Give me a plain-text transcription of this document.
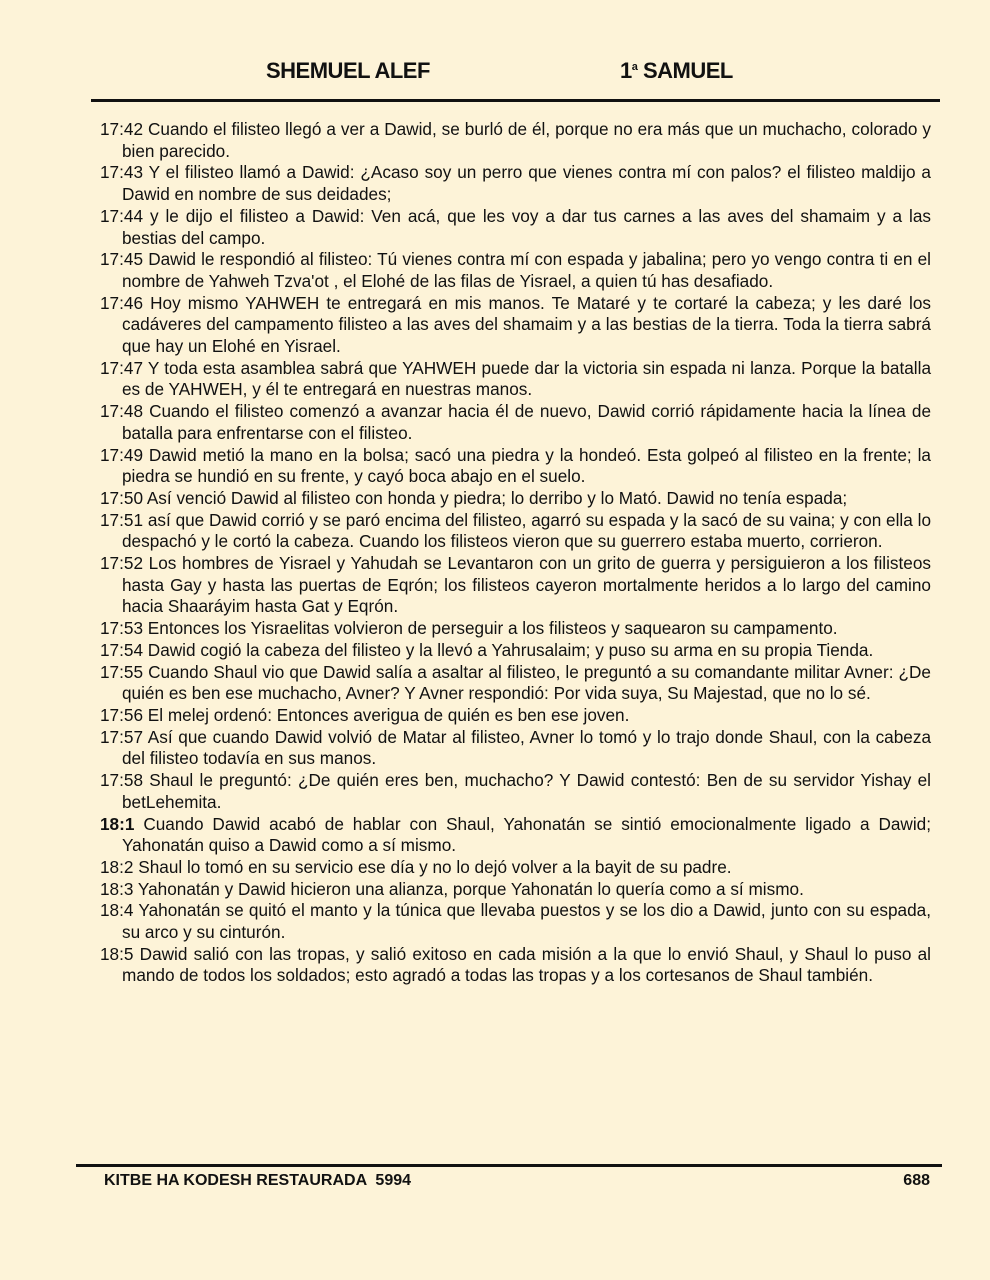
SHEMUEL ALEF	1$^a$ SAMUEL

17:42 Cuando el filisteo llegó a ver a Dawid, se burló de él, porque no era más que un muchacho, colorado y bien parecido.

17:43 Y el filisteo llamó a Dawid: ¿Acaso soy un perro que vienes contra mí con palos? el filisteo maldijo a Dawid en nombre de sus deidades;

17:44 y le dijo el filisteo a Dawid: Ven acá, que les voy a dar tus carnes a las aves del shamaim y a las bestias del campo.

17:45 Dawid le respondió al filisteo: Tú vienes contra mí con espada y jabalina; pero yo vengo contra ti en el nombre de Yahweh Tzva'ot , el Elohé de las filas de Yisrael, a quien tú has desafiado.

17:46 Hoy mismo YAHWEH te entregará en mis manos. Te Mataré y te cortaré la cabeza; y les daré los cadáveres del campamento filisteo a las aves del shamaim y a las bestias de la tierra. Toda la tierra sabrá que hay un Elohé en Yisrael.

17:47 Y toda esta asamblea sabrá que YAHWEH puede dar la victoria sin espada ni lanza. Porque la batalla es de YAHWEH, y él te entregará en nuestras manos.

17:48 Cuando el filisteo comenzó a avanzar hacia él de nuevo, Dawid corrió rápidamente hacia la línea de batalla para enfrentarse con el filisteo.

17:49 Dawid metió la mano en la bolsa; sacó una piedra y la hondeó. Esta golpeó al filisteo en la frente; la piedra se hundió en su frente, y cayó boca abajo en el suelo.

17:50 Así venció Dawid al filisteo con honda y piedra; lo derribo y lo Mató. Dawid no tenía espada;

17:51 así que Dawid corrió y se paró encima del filisteo, agarró su espada y la sacó de su vaina; y con ella lo despachó y le cortó la cabeza. Cuando los filisteos vieron que su guerrero estaba muerto, corrieron.

17:52 Los hombres de Yisrael y Yahudah se Levantaron con un grito de guerra y persiguieron a los filisteos hasta Gay y hasta las puertas de Eqrón; los filisteos cayeron mortalmente heridos a lo largo del camino hacia Shaaráyim hasta Gat y Eqrón.

17:53 Entonces los Yisraelitas volvieron de perseguir a los filisteos y saquearon su campamento.

17:54 Dawid cogió la cabeza del filisteo y la llevó a Yahrusalaim; y puso su arma en su propia Tienda.

17:55 Cuando Shaul vio que Dawid salía a asaltar al filisteo, le preguntó a su comandante militar Avner: ¿De quién es ben ese muchacho, Avner? Y Avner respondió: Por vida suya, Su Majestad, que no lo sé.

17:56 El melej ordenó: Entonces averigua de quién es ben ese joven.

17:57 Así que cuando Dawid volvió de Matar al filisteo, Avner lo tomó y lo trajo donde Shaul, con la cabeza del filisteo todavía en sus manos.

17:58 Shaul le preguntó: ¿De quién eres ben, muchacho? Y Dawid contestó: Ben de su servidor Yishay el betLehemita.

18:1 Cuando Dawid acabó de hablar con Shaul, Yahonatán se sintió emocionalmente ligado a Dawid; Yahonatán quiso a Dawid como a sí mismo.

18:2 Shaul lo tomó en su servicio ese día y no lo dejó volver a la bayit de su padre.

18:3 Yahonatán y Dawid hicieron una alianza, porque Yahonatán lo quería como a sí mismo.

18:4 Yahonatán se quitó el manto y la túnica que llevaba puestos y se los dio a Dawid, junto con su espada, su arco y su cinturón.

18:5 Dawid salió con las tropas, y salió exitoso en cada misión a la que lo envió Shaul, y Shaul lo puso al mando de todos los soldados; esto agradó a todas las tropas y a los cortesanos de Shaul también.

KITBE HA KODESH RESTAURADA  5994	688
